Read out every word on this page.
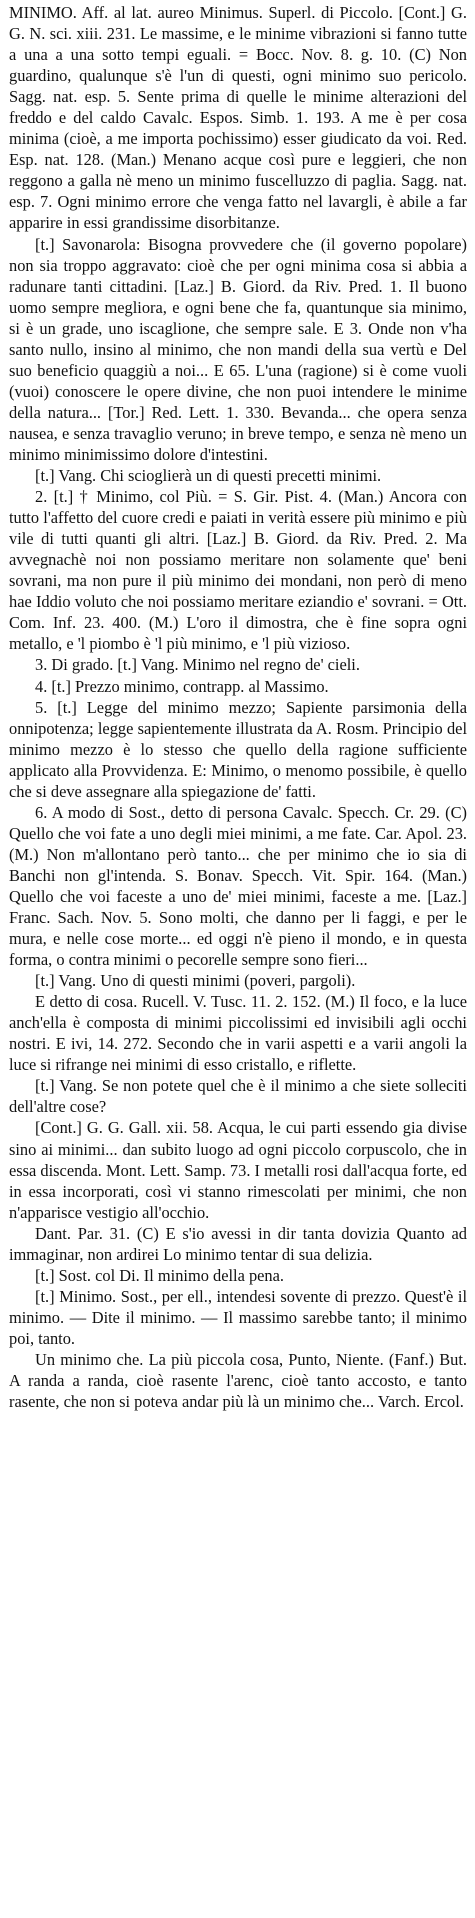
MINIMO. Aff. al lat. aureo Minimus. Superl. di Piccolo. [Cont.] G. G. N. sci. xiii. 231. Le massime, e le minime vibrazioni si fanno tutte a una a una sotto tempi eguali. = Bocc. Nov. 8. g. 10. (C) Non guardino, qualunque s'è l'un di questi, ogni minimo suo pericolo. Sagg. nat. esp. 5. Sente prima di quelle le minime alterazioni del freddo e del caldo Cavalc. Espos. Simb. 1. 193. A me è per cosa minima (cioè, a me importa pochissimo) esser giudicato da voi. Red. Esp. nat. 128. (Man.) Menano acque così pure e leggieri, che non reggono a galla nè meno un minimo fuscelluzzo di paglia. Sagg. nat. esp. 7. Ogni minimo errore che venga fatto nel lavargli, è abile a far apparire in essi grandissime disorbitanze.

[t.] Savonarola: Bisogna provvedere che (il governo popolare) non sia troppo aggravato: cioè che per ogni minima cosa si abbia a radunare tanti cittadini. [Laz.] B. Giord. da Riv. Pred. 1. Il buono uomo sempre megliora, e ogni bene che fa, quantunque sia minimo, si è un grade, uno iscaglione, che sempre sale. E 3. Onde non v'ha santo nullo, insino al minimo, che non mandi della sua vertù e Del suo beneficio quaggiù a noi... E 65. L'una (ragione) si è come vuoli (vuoi) conoscere le opere divine, che non puoi intendere le minime della natura... [Tor.] Red. Lett. 1. 330. Bevanda... che opera senza nausea, e senza travaglio veruno; in breve tempo, e senza nè meno un minimo minimissimo dolore d'intestini.

[t.] Vang. Chi scioglierà un di questi precetti minimi.

2. [t.] † Minimo, col Più. = S. Gir. Pist. 4. (Man.) Ancora con tutto l'affetto del cuore credi e paiati in verità essere più minimo e più vile di tutti quanti gli altri. [Laz.] B. Giord. da Riv. Pred. 2. Ma avvegnachè noi non possiamo meritare non solamente que' beni sovrani, ma non pure il più minimo dei mondani, non però di meno hae Iddio voluto che noi possiamo meritare eziandio e' sovrani. = Ott. Com. Inf. 23. 400. (M.) L'oro il dimostra, che è fine sopra ogni metallo, e 'l piombo è 'l più minimo, e 'l più vizioso.

3. Di grado. [t.] Vang. Minimo nel regno de' cieli.

4. [t.] Prezzo minimo, contrapp. al Massimo.

5. [t.] Legge del minimo mezzo; Sapiente parsimonia della onnipotenza; legge sapientemente illustrata da A. Rosm. Principio del minimo mezzo è lo stesso che quello della ragione sufficiente applicato alla Provvidenza. E: Minimo, o menomo possibile, è quello che si deve assegnare alla spiegazione de' fatti.

6. A modo di Sost., detto di persona Cavalc. Specch. Cr. 29. (C) Quello che voi fate a uno degli miei minimi, a me fate. Car. Apol. 23. (M.) Non m'allontano però tanto... che per minimo che io sia di Banchi non gl'intenda. S. Bonav. Specch. Vit. Spir. 164. (Man.) Quello che voi faceste a uno de' miei minimi, faceste a me. [Laz.] Franc. Sach. Nov. 5. Sono molti, che danno per li faggi, e per le mura, e nelle cose morte... ed oggi n'è pieno il mondo, e in questa forma, o contra minimi o pecorelle sempre sono fieri...

[t.] Vang. Uno di questi minimi (poveri, pargoli).

E detto di cosa. Rucell. V. Tusc. 11. 2. 152. (M.) Il foco, e la luce anch'ella è composta di minimi piccolissimi ed invisibili agli occhi nostri. E ivi, 14. 272. Secondo che in varii aspetti e a varii angoli la luce si rifrange nei minimi di esso cristallo, e riflette.

[t.] Vang. Se non potete quel che è il minimo a che siete solleciti dell'altre cose?

[Cont.] G. G. Gall. xii. 58. Acqua, le cui parti essendo gia divise sino ai minimi... dan subito luogo ad ogni piccolo corpuscolo, che in essa discenda. Mont. Lett. Samp. 73. I metalli rosi dall'acqua forte, ed in essa incorporati, così vi stanno rimescolati per minimi, che non n'apparisce vestigio all'occhio.

Dant. Par. 31. (C) E s'io avessi in dir tanta dovizia Quanto ad immaginar, non ardirei Lo minimo tentar di sua delizia.

[t.] Sost. col Di. Il minimo della pena.

[t.] Minimo. Sost., per ell., intendesi sovente di prezzo. Quest'è il minimo. — Dite il minimo. — Il massimo sarebbe tanto; il minimo poi, tanto.

Un minimo che. La più piccola cosa, Punto, Niente. (Fanf.) But. A randa a randa, cioè rasente l'arenc, cioè tanto accosto, e tanto rasente, che non si poteva andar più là un minimo che... Varch. Ercol.
